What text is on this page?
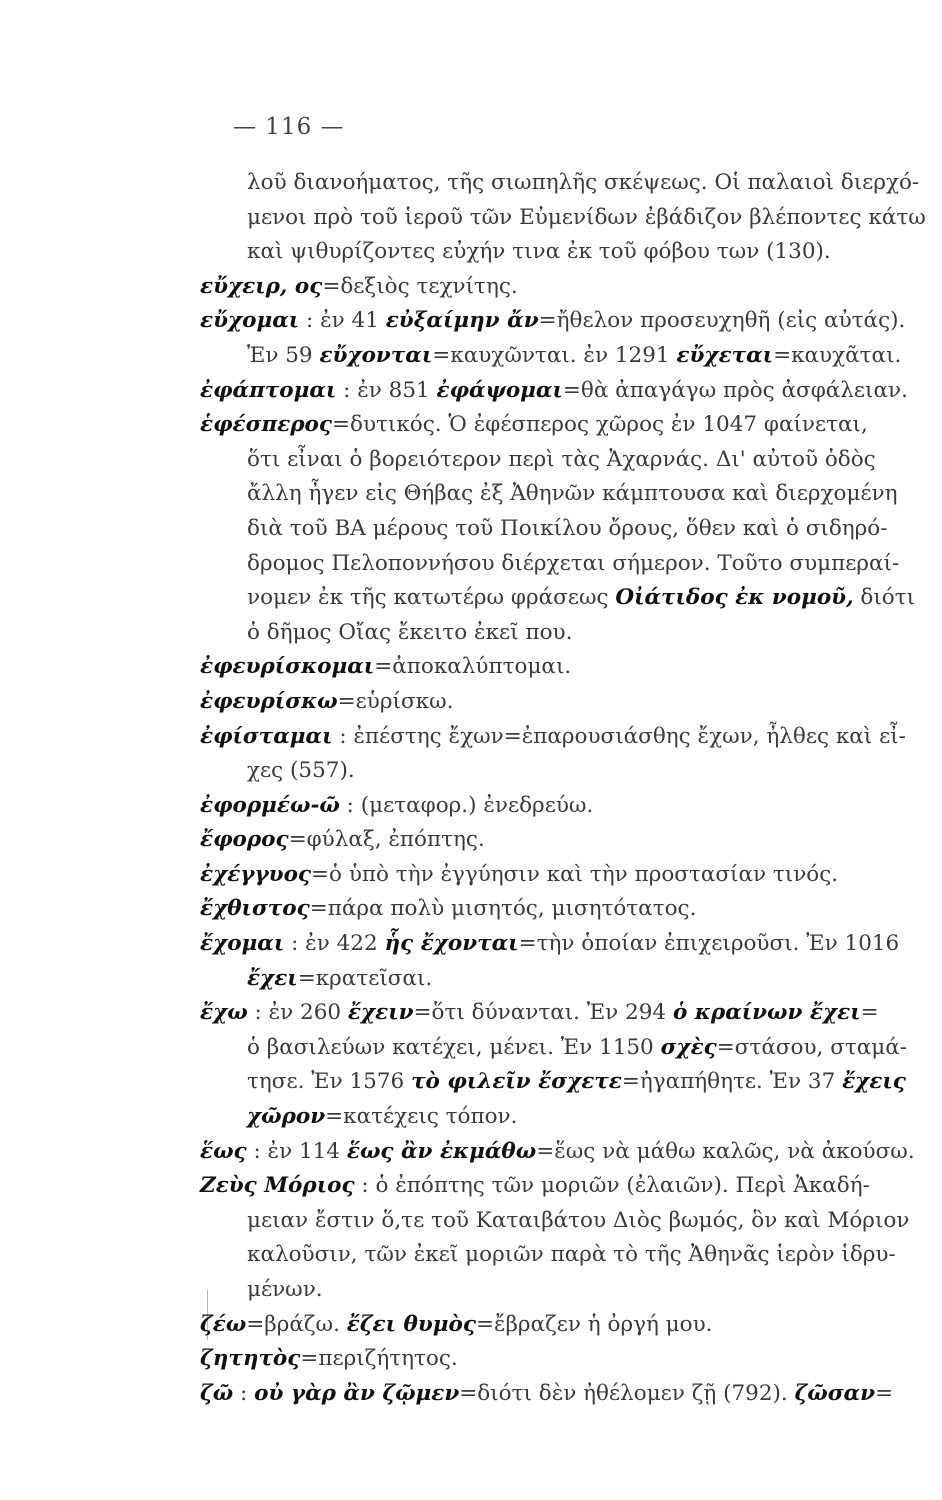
— 116 —
λοῦ διανοήματος, τῆς σιωπηλῆς σκέψεως. Οἱ παλαιοὶ διερχό-
μενοι πρὸ τοῦ ἱεροῦ τῶν Εὐμενίδων ἐβάδιζον βλέποντες κάτω
καὶ ψιθυρίζοντες εὐχήν τινα ἐκ τοῦ φόβου των (130).
εὔχειρ, ος=δεξιὸς τεχνίτης.
εὔχομαι : ἐν 41 εὐξαίμην ἄν=ἤθελον προσευχηθῆ (εἰς αὐτάς).
Ἐν 59 εὔχονται=καυχῶνται. ἐν 1291 εὔχεται=καυχᾶται.
ἐφάπτομαι : ἐν 851 ἐφάψομαι=θὰ ἀπαγάγω πρὸς ἀσφάλειαν.
ἑφέσπερος=δυτικός. Ὁ ἐφέσπερος χῶρος ἐν 1047 φαίνεται,
ὅτι εἶναι ὁ βορειότερον περὶ τὰς Ἀχαρνάς. Δι' αὐτοῦ ὁδὸς
ἄλλη ἦγεν εἰς Θήβας ἐξ Ἀθηνῶν κάμπτουσα καὶ διερχομένη
διὰ τοῦ ΒΑ μέρους τοῦ Ποικίλου ὄρους, ὅθεν καὶ ὁ σιδηρό-
δρομος Πελοποννήσου διέρχεται σήμερον. Τοῦτο συμπεραί-
νομεν ἐκ τῆς κατωτέρω φράσεως Οἰάτιδος ἐκ νομοῦ, διότι
ὁ δῆμος Οἴας ἔκειτο ἐκεῖ που.
ἐφευρίσκομαι=ἀποκαλύπτομαι.
ἐφευρίσκω=εὑρίσκω.
ἐφίσταμαι : ἐπέστης ἔχων=ἐπαρουσιάσθης ἔχων, ἦλθες καὶ εἶ-
χες (557).
ἐφορμέω-ῶ : (μεταφορ.) ἐνεδρεύω.
ἔφορος=φύλαξ, ἐπόπτης.
ἐχέγγυος=ὁ ὑπὸ τὴν ἐγγύησιν καὶ τὴν προστασίαν τινός.
ἔχθιστος=πάρα πολὺ μισητός, μισητότατος.
ἔχομαι : ἐν 422 ἧς ἔχονται=τὴν ὁποίαν ἐπιχειροῦσι. Ἐν 1016
ἔχει=κρατεῖσαι.
ἔχω : ἐν 260 ἔχειν=ὅτι δύνανται. Ἐν 294 ὁ κραίνων ἔχει=
ὁ βασιλεύων κατέχει, μένει. Ἐν 1150 σχὲς=στάσου, σταμά-
τησε. Ἐν 1576 τὸ φιλεῖν ἔσχετε=ἠγαπήθητε. Ἐν 37 ἔχεις
χῶρον=κατέχεις τόπον.
ἕως : ἐν 114 ἕως ἂν ἐκμάθω=ἕως νὰ μάθω καλῶς, νὰ ἀκούσω.
Ζεὺς Μόριος : ὁ ἐπόπτης τῶν μοριῶν (ἐλαιῶν). Περὶ Ἀκαδή-
μειαν ἔστιν ὅ,τε τοῦ Καταιβάτου Διὸς βωμός, ὃν καὶ Μόριον
καλοῦσιν, τῶν ἐκεῖ μοριῶν παρὰ τὸ τῆς Ἀθηνᾶς ἱερὸν ἱδρυ-
μένων.
ζέω=βράζω. ἔζει θυμὸς=ἔβραζεν ἡ ὀργή μου.
ζητητὸς=περιζήτητος.
ζῶ : οὐ γὰρ ἂν ζῷμεν=διότι δὲν ἠθέλομεν ζῇ (792). ζῶσαν=
